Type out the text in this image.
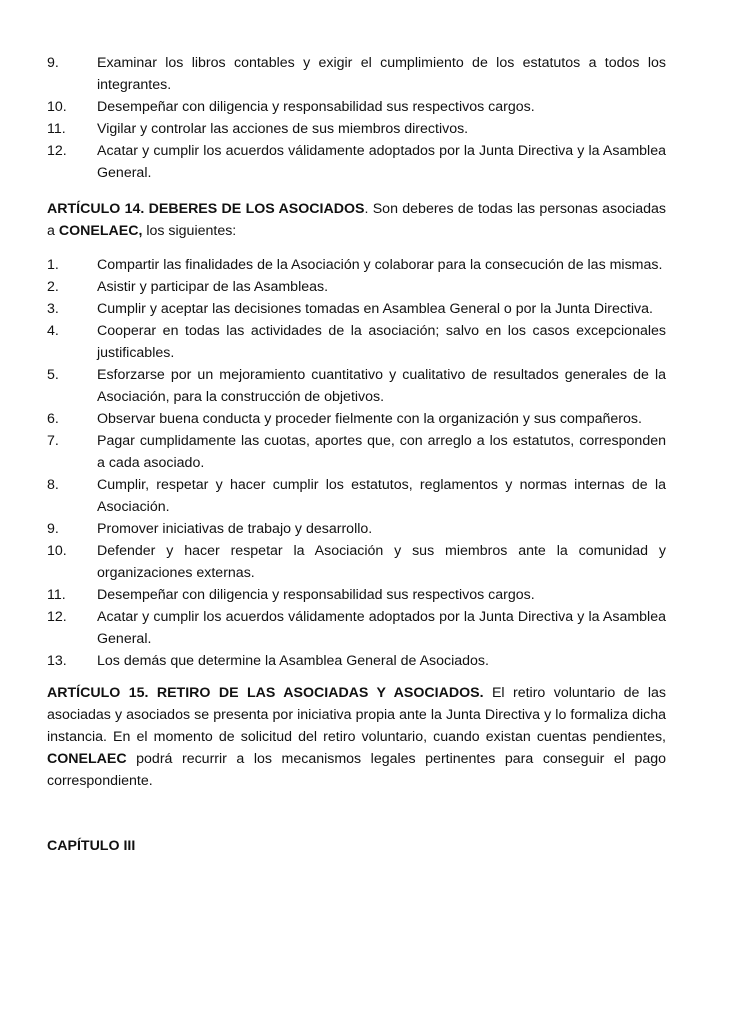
9.	Examinar los libros contables y exigir el cumplimiento de los estatutos a todos los integrantes.
10.	Desempeñar con diligencia y responsabilidad sus respectivos cargos.
11.	Vigilar y controlar las acciones de sus miembros directivos.
12.	Acatar y cumplir los acuerdos válidamente adoptados por la Junta Directiva y la Asamblea General.

ARTÍCULO 14. DEBERES DE LOS ASOCIADOS. Son deberes de todas las personas asociadas a CONELAEC, los siguientes:

1.	Compartir las finalidades de la Asociación y colaborar para la consecución de las mismas.
2.	Asistir y participar de las Asambleas.
3.	Cumplir y aceptar las decisiones tomadas en Asamblea General o por la Junta Directiva.
4.	Cooperar en todas las actividades de la asociación; salvo en los casos excepcionales justificables.
5.	Esforzarse por un mejoramiento cuantitativo y cualitativo de resultados generales de la Asociación, para la construcción de objetivos.
6.	Observar buena conducta y proceder fielmente con la organización y sus compañeros.
7.	Pagar cumplidamente las cuotas, aportes que, con arreglo a los estatutos, corresponden a cada asociado.
8.	Cumplir, respetar y hacer cumplir los estatutos, reglamentos y normas internas de la Asociación.
9.	Promover iniciativas de trabajo y desarrollo.
10.	Defender y hacer respetar la Asociación y sus miembros ante la comunidad y organizaciones externas.
11.	Desempeñar con diligencia y responsabilidad sus respectivos cargos.
12.	Acatar y cumplir los acuerdos válidamente adoptados por la Junta Directiva y la Asamblea General.
13.	Los demás que determine la Asamblea General de Asociados.

ARTÍCULO 15. RETIRO DE LAS ASOCIADAS Y ASOCIADOS. El retiro voluntario de las asociadas y asociados se presenta por iniciativa propia ante la Junta Directiva y lo formaliza dicha instancia. En el momento de solicitud del retiro voluntario, cuando existan cuentas pendientes, CONELAEC podrá recurrir a los mecanismos legales pertinentes para conseguir el pago correspondiente.

CAPÍTULO III
